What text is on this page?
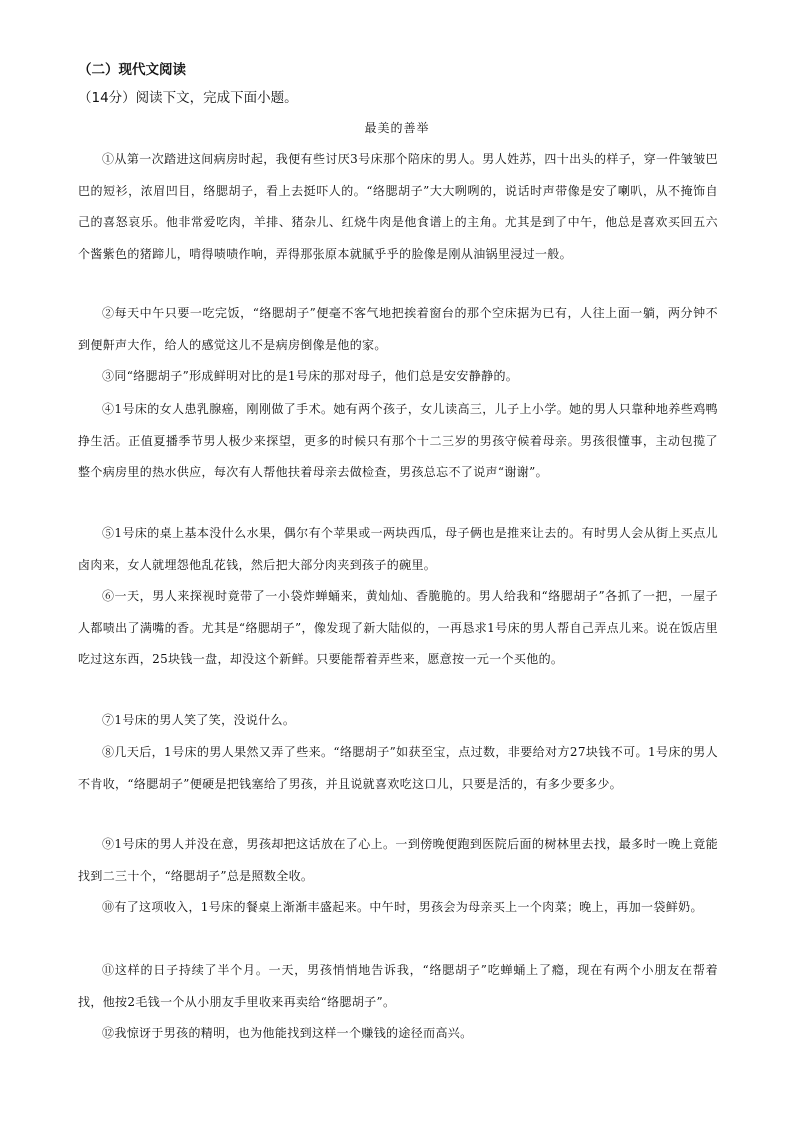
（二）现代文阅读
（14分）阅读下文，完成下面小题。
最美的善举

①从第一次踏进这间病房时起，我便有些讨厌3号床那个陪床的男人。男人姓苏，四十出头的样子，穿一件皱皱巴巴的短衫，浓眉凹目，络腮胡子，看上去挺吓人的。“络腮胡子”大大咧咧的，说话时声带像是安了喇叭，从不掩饰自己的喜怒哀乐。他非常爱吃肉，羊排、猪杂儿、红烧牛肉是他食谱上的主角。尤其是到了中午，他总是喜欢买回五六个酱紫色的猪蹄儿，啃得啧啧作响，弄得那张原本就腻乎乎的脸像是刚从油锅里浸过一般。

②每天中午只要一吃完饭，“络腮胡子”便毫不客气地把挨着窗台的那个空床据为已有，人往上面一躺，两分钟不到便鼾声大作，给人的感觉这儿不是病房倒像是他的家。

③同“络腮胡子”形成鲜明对比的是1号床的那对母子，他们总是安安静静的。

④1号床的女人患乳腺癌，刚刚做了手术。她有两个孩子，女儿读高三，儿子上小学。她的男人只靠种地养些鸡鸭挣生活。正值夏播季节男人极少来探望，更多的时候只有那个十二三岁的男孩守候着母亲。男孩很懂事，主动包揽了整个病房里的热水供应，每次有人帮他扶着母亲去做检查，男孩总忘不了说声“谢谢”。

⑤1号床的桌上基本没什么水果，偶尔有个苹果或一两块西瓜，母子俩也是推来让去的。有时男人会从街上买点儿卤肉来，女人就埋怨他乱花钱，然后把大部分肉夹到孩子的碗里。

⑥一天，男人来探视时竟带了一小袋炸蝉蛹来，黄灿灿、香脆脆的。男人给我和“络腮胡子”各抓了一把，一屋子人都啧出了满嘴的香。尤其是“络腮胡子”，像发现了新大陆似的，一再恳求1号床的男人帮自己弄点儿来。说在饭店里吃过这东西，25块钱一盘，却没这个新鲜。只要能帮着弄些来，愿意按一元一个买他的。

⑦1号床的男人笑了笑，没说什么。

⑧几天后，1号床的男人果然又弄了些来。“络腮胡子”如获至宝，点过数，非要给对方27块钱不可。1号床的男人不肯收，“络腮胡子”便硬是把钱塞给了男孩，并且说就喜欢吃这口儿，只要是活的，有多少要多少。

⑨1号床的男人并没在意，男孩却把这话放在了心上。一到傍晚便跑到医院后面的树林里去找，最多时一晚上竟能找到二三十个，“络腮胡子”总是照数全收。

⑩有了这项收入，1号床的餐桌上渐渐丰盛起来。中午时，男孩会为母亲买上一个肉菜；晚上，再加一袋鲜奶。

⑪这样的日子持续了半个月。一天，男孩悄悄地告诉我，“络腮胡子”吃蝉蛹上了瘾，现在有两个小朋友在帮着找，他按2毛钱一个从小朋友手里收来再卖给“络腮胡子”。

⑫我惊讶于男孩的精明，也为他能找到这样一个赚钱的途径而高兴。
